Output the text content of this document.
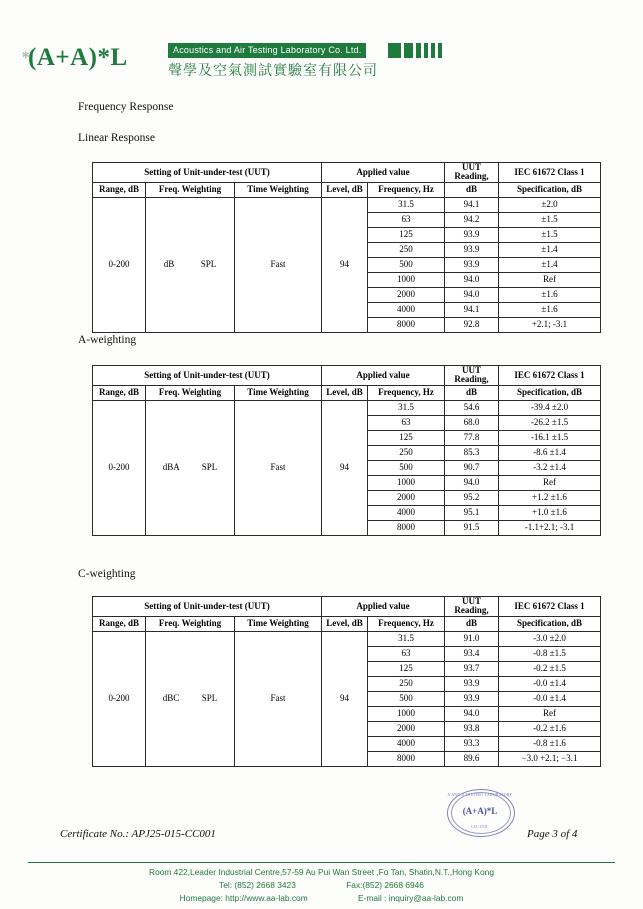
✻
(A+A)*L	Acoustics and Air Testing Laboratory Co. Ltd.
聲學及空氣測試實驗室有限公司
Frequency Response
Linear Response
A-weighting
C-weighting
Setting of Unit-under-test (UUT)			Applied value		UUT Reading,	IEC 61672 Class 1
Range, dB	Freq. Weighting	Time Weighting	Level, dB	Frequency, Hz	dB	Specification, dB
0-200	dB SPL	Fast	94	31.5	94.1	±2.0
				63	94.2	±1.5
				125	93.9	±1.5
				250	93.9	±1.4
				500	93.9	±1.4
				1000	94.0	Ref
				2000	94.0	±1.6
				4000	94.1	±1.6
				8000	92.8	+2.1; -3.1
Setting of Unit-under-test (UUT)			Applied value		UUT Reading,	IEC 61672 Class 1
Range, dB	Freq. Weighting	Time Weighting	Level, dB	Frequency, Hz	dB	Specification, dB
0-200	dBA SPL	Fast	94	31.5	54.6	-39.4 ±2.0
				63	68.0	-26.2 ±1.5
				125	77.8	-16.1 ±1.5
				250	85.3	-8.6 ±1.4
				500	90.7	-3.2 ±1.4
				1000	94.0	Ref
				2000	95.2	+1.2 ±1.6
				4000	95.1	+1.0 ±1.6
				8000	91.5	-1.1+2.1; -3.1
Setting of Unit-under-test (UUT)			Applied value		UUT Reading,	IEC 61672 Class 1
Range, dB	Freq. Weighting	Time Weighting	Level, dB	Frequency, Hz	dB	Specification, dB
0-200	dBC SPL	Fast	94	31.5	91.0	-3.0 ±2.0
				63	93.4	-0.8 ±1.5
				125	93.7	-0.2 ±1.5
				250	93.9	-0.0 ±1.4
				500	93.9	-0.0 ±1.4
				1000	94.0	Ref
				2000	93.8	-0.2 ±1.6
				4000	93.3	-0.8 ±1.6
				8000	89.6	−3.0 +2.1; −3.1
A AND A TESTING LABORATORY
(A+A)*L
CO. LTD.
Certificate No.: APJ25-015-CC001	Page 3 of 4
Room 422,Leader Industrial Centre,57-59 Au Pui Wan Street ,Fo Tan, Shatin,N.T.,Hong Kong
Tel: (852) 2668 3423	Fax:(852) 2668 6946
Homepage: http://www.aa-lab.com	E-mail : inquiry@aa-lab.com
